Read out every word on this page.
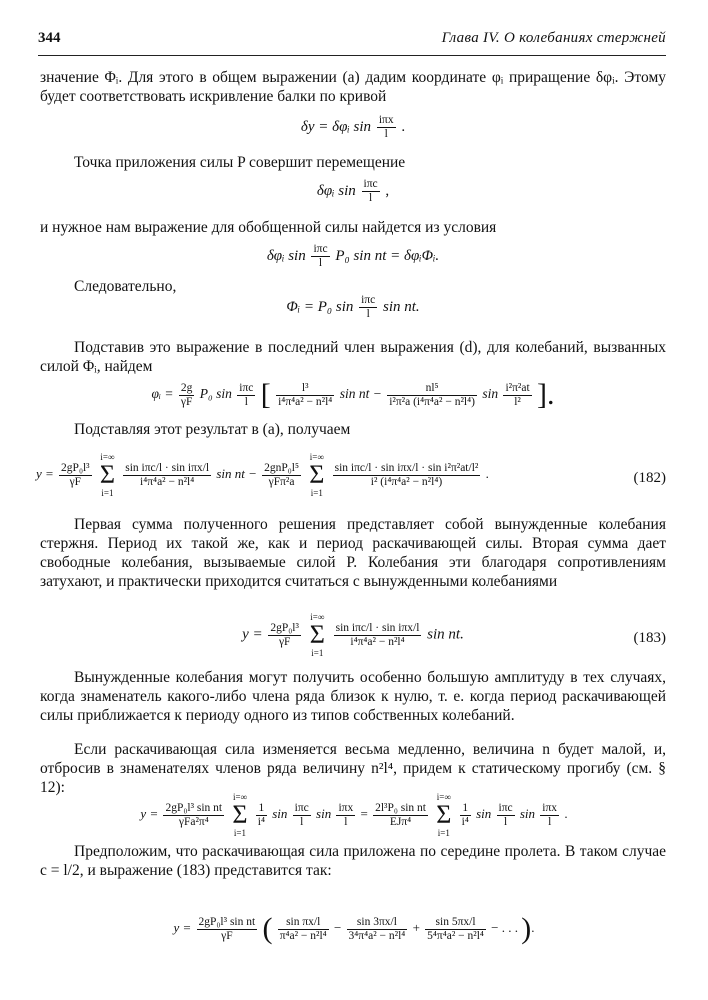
344	Глава IV. О колебаниях стержней
значение Φᵢ. Для этого в общем выражении (а) дадим координате φᵢ приращение δφᵢ. Этому будет соответствовать искривление балки по кривой
δy = δφᵢ $\sin \frac{\text{iπx}}{l}$ .
Точка приложения силы P совершит перемещение
δφᵢ $\sin \frac{\text{iπc}}{l}$ ,
и нужное нам выражение для обобщенной силы найдется из условия
δφᵢ $\sin \frac{\text{iπc}}{l} P_0$ sin nt = δφᵢΦᵢ.
Следовательно,
Φᵢ = P₀ $\sin \frac{\text{iπc}}{l}$ sin nt.
Подставив это выражение в последний член выражения (d), для колебаний, вызванных силой Φᵢ, найдем
φᵢ = $\frac{2g}{\gamma F} P_0$ $\sin \frac{\text{iπc}}{l}$ [ $\frac{\text{l³}}{\text{i⁴π⁴a² − n²l⁴}}$ sin nt − $\frac{\text{nl⁵}}{\text{i²π²a (i⁴π⁴a² − n²l⁴)}}$ $\sin \frac{\text{i²π²at}}{\text{l²}}$ ].
Подставляя этот результат в (а), получаем
$y = \frac{\text{2gP₀l³}}{\gamma F}$
i=∞
Σ
i=1
$\frac{\text{sin iπc/l · sin iπx/l}}{\text{i⁴π⁴a² − n²l⁴}}$ sin nt − $\frac{\text{2gnP₀l⁵}}{\text{γFπ²a}}$
i=∞
Σ
i=1
$\frac{\text{sin iπc/l · sin iπx/l · sin i²π²at/l²}}{\text{i² (i⁴π⁴a² − n²l⁴)}}$ .	(182)
Первая сумма полученного решения представляет собой вынужденные колебания стержня. Период их такой же, как и период раскачивающей силы. Вторая сумма дает свободные колебания, вызываемые силой P. Колебания эти благодаря сопротивлениям затухают, и практически приходится считаться с вынужденными колебаниями
$y = \frac{\text{2gP₀l³}}{\gamma F}$
i=∞
Σ
i=1
$\frac{\text{sin iπc/l · sin iπx/l}}{\text{i⁴π⁴a² − n²l⁴}}$ sin nt.	(183)
Вынужденные колебания могут получить особенно большую амплитуду в тех случаях, когда знаменатель какого-либо члена ряда близок к нулю, т. е. когда период раскачивающей силы приближается к периоду одного из типов собственных колебаний.
Если раскачивающая сила изменяется весьма медленно, величина n будет малой, и, отбросив в знаменателях членов ряда величину n²l⁴, придем к статическому прогибу (см. § 12):
$y = \frac{\text{2gP₀l³ sin nt}}{\text{γFa²π⁴}}$
i=∞
Σ
i=1
$\frac{1}{\text{i⁴}}$ $\sin \frac{\text{iπc}}{l}$ $\sin \frac{\text{iπx}}{l} = \frac{\text{2l³P₀ sin nt}}{\text{EJπ⁴}}$
i=∞
Σ
i=1
$\frac{1}{\text{i⁴}}$ $\sin \frac{\text{iπc}}{l}$ $\sin \frac{\text{iπx}}{l}$ .
Предположим, что раскачивающая сила приложена по середине пролета. В таком случае c = l/2, и выражение (183) представится так:
$y = \frac{\text{2gP₀l³ sin nt}}{\gamma F}$ ( $\frac{\text{sin πx/l}}{\text{π⁴a² − n²l⁴}} - \frac{\sin 3\pi x/l}{\text{3⁴π⁴a² − n²l⁴}} + \frac{\sin 5\pi x/l}{\text{5⁴π⁴a² − n²l⁴}}$ − . . . ).
